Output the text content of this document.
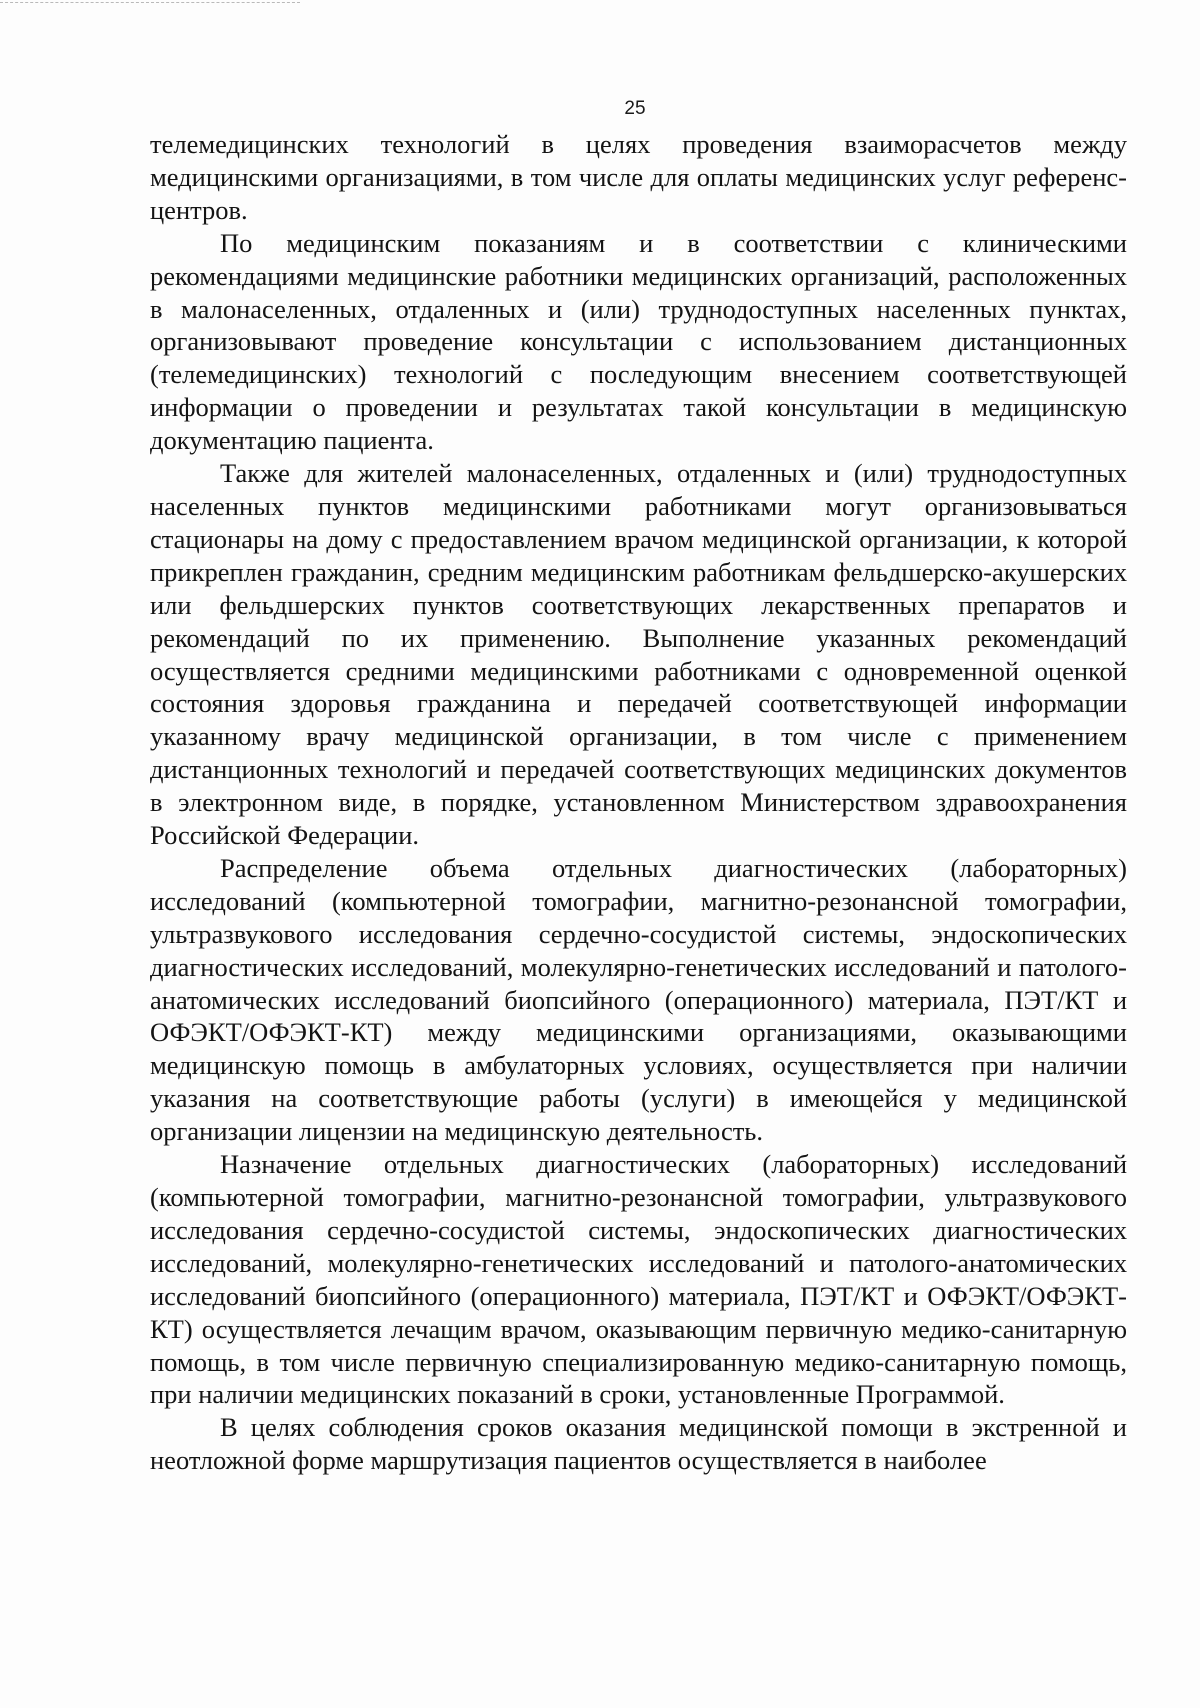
25

телемедицинских технологий в целях проведения взаиморасчетов между медицинскими организациями, в том числе для оплаты медицинских услуг референс-центров.

По медицинским показаниям и в соответствии с клиническими рекомендациями медицинские работники медицинских организаций, расположенных в малонаселенных, отдаленных и (или) труднодоступных населенных пунктах, организовывают проведение консультации с использованием дистанционных (телемедицинских) технологий с последующим внесением соответствующей информации о проведении и результатах такой консультации в медицинскую документацию пациента.

Также для жителей малонаселенных, отдаленных и (или) труднодоступных населенных пунктов медицинскими работниками могут организовываться стационары на дому с предоставлением врачом медицинской организации, к которой прикреплен гражданин, средним медицинским работникам фельдшерско-акушерских или фельдшерских пунктов соответствующих лекарственных препаратов и рекомендаций по их применению. Выполнение указанных рекомендаций осуществляется средними медицинскими работниками с одновременной оценкой состояния здоровья гражданина и передачей соответствующей информации указанному врачу медицинской организации, в том числе с применением дистанционных технологий и передачей соответствующих медицинских документов в электронном виде, в порядке, установленном Министерством здравоохранения Российской Федерации.

Распределение объема отдельных диагностических (лабораторных) исследований (компьютерной томографии, магнитно-резонансной томографии, ультразвукового исследования сердечно-сосудистой системы, эндоскопических диагностических исследований, молекулярно-генетических исследований и патолого-анатомических исследований биопсийного (операционного) материала, ПЭТ/КТ и ОФЭКТ/ОФЭКТ-КТ) между медицинскими организациями, оказывающими медицинскую помощь в амбулаторных условиях, осуществляется при наличии указания на соответствующие работы (услуги) в имеющейся у медицинской организации лицензии на медицинскую деятельность.

Назначение отдельных диагностических (лабораторных) исследований (компьютерной томографии, магнитно-резонансной томографии, ультразвукового исследования сердечно-сосудистой системы, эндоскопических диагностических исследований, молекулярно-генетических исследований и патолого-анатомических исследований биопсийного (операционного) материала, ПЭТ/КТ и ОФЭКТ/ОФЭКТ-КТ) осуществляется лечащим врачом, оказывающим первичную медико-санитарную помощь, в том числе первичную специализированную медико-санитарную помощь, при наличии медицинских показаний в сроки, установленные Программой.

В целях соблюдения сроков оказания медицинской помощи в экстренной и неотложной форме маршрутизация пациентов осуществляется в наиболее
